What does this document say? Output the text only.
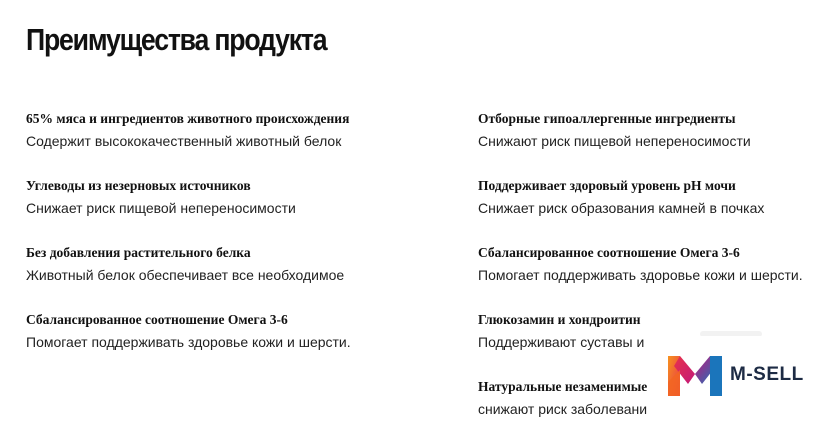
Преимущества продукта

65% мяса и ингредиентов животного происхождения

Содержит высококачественный животный белок

Углеводы из незерновых источников

Снижает риск пищевой непереносимости

Без добавления растительного белка

Животный белок обеспечивает все необходимое

Сбалансированное соотношение Омега 3-6

Помогает поддерживать здоровье кожи и шерсти.

Отборные гипоаллергенные ингредиенты

Снижают риск пищевой непереносимости

Поддерживает здоровый уровень pH мочи

Снижает риск образования камней в почках

Сбалансированное соотношение Омега 3-6

Помогает поддерживать здоровье кожи и шерсти.

Глюкозамин и хондроитин

Поддерживают суставы и

Натуральные незаменимые

снижают риск заболевани
M-SELL
